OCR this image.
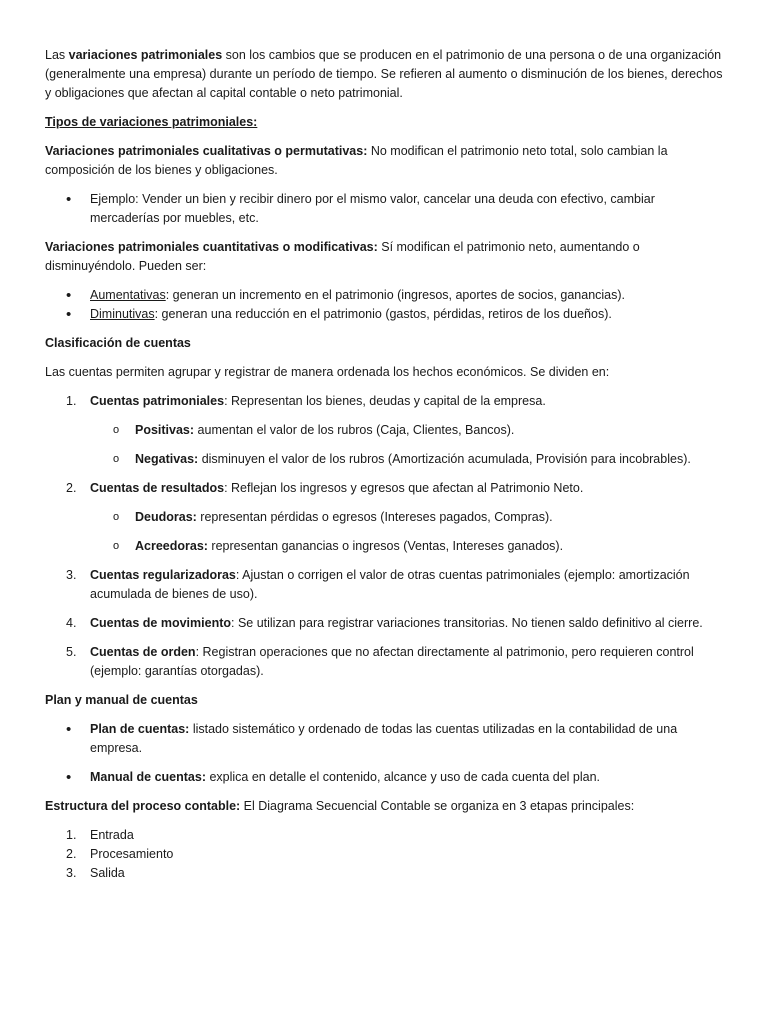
Las variaciones patrimoniales son los cambios que se producen en el patrimonio de una persona o de una organización (generalmente una empresa) durante un período de tiempo. Se refieren al aumento o disminución de los bienes, derechos y obligaciones que afectan al capital contable o neto patrimonial.

Tipos de variaciones patrimoniales:

Variaciones patrimoniales cualitativas o permutativas: No modifican el patrimonio neto total, solo cambian la composición de los bienes y obligaciones.

•
Ejemplo: Vender un bien y recibir dinero por el mismo valor, cancelar una deuda con efectivo, cambiar mercaderías por muebles, etc.

Variaciones patrimoniales cuantitativas o modificativas: Sí modifican el patrimonio neto, aumentando o disminuyéndolo. Pueden ser:

•
Aumentativas: generan un incremento en el patrimonio (ingresos, aportes de socios, ganancias).
•
Diminutivas: generan una reducción en el patrimonio (gastos, pérdidas, retiros de los dueños).

Clasificación de cuentas

Las cuentas permiten agrupar y registrar de manera ordenada los hechos económicos. Se dividen en:

1. Cuentas patrimoniales: Representan los bienes, deudas y capital de la empresa.
o Positivas: aumentan el valor de los rubros (Caja, Clientes, Bancos).
o Negativas: disminuyen el valor de los rubros (Amortización acumulada, Provisión para incobrables).
2. Cuentas de resultados: Reflejan los ingresos y egresos que afectan al Patrimonio Neto.
o Deudoras: representan pérdidas o egresos (Intereses pagados, Compras).
o Acreedoras: representan ganancias o ingresos (Ventas, Intereses ganados).
3. Cuentas regularizadoras: Ajustan o corrigen el valor de otras cuentas patrimoniales (ejemplo: amortización acumulada de bienes de uso).
4. Cuentas de movimiento: Se utilizan para registrar variaciones transitorias. No tienen saldo definitivo al cierre.
5. Cuentas de orden: Registran operaciones que no afectan directamente al patrimonio, pero requieren control (ejemplo: garantías otorgadas).

Plan y manual de cuentas

•
Plan de cuentas: listado sistemático y ordenado de todas las cuentas utilizadas en la contabilidad de una empresa.
•
Manual de cuentas: explica en detalle el contenido, alcance y uso de cada cuenta del plan.

Estructura del proceso contable: El Diagrama Secuencial Contable se organiza en 3 etapas principales:

1. Entrada
2. Procesamiento
3. Salida
